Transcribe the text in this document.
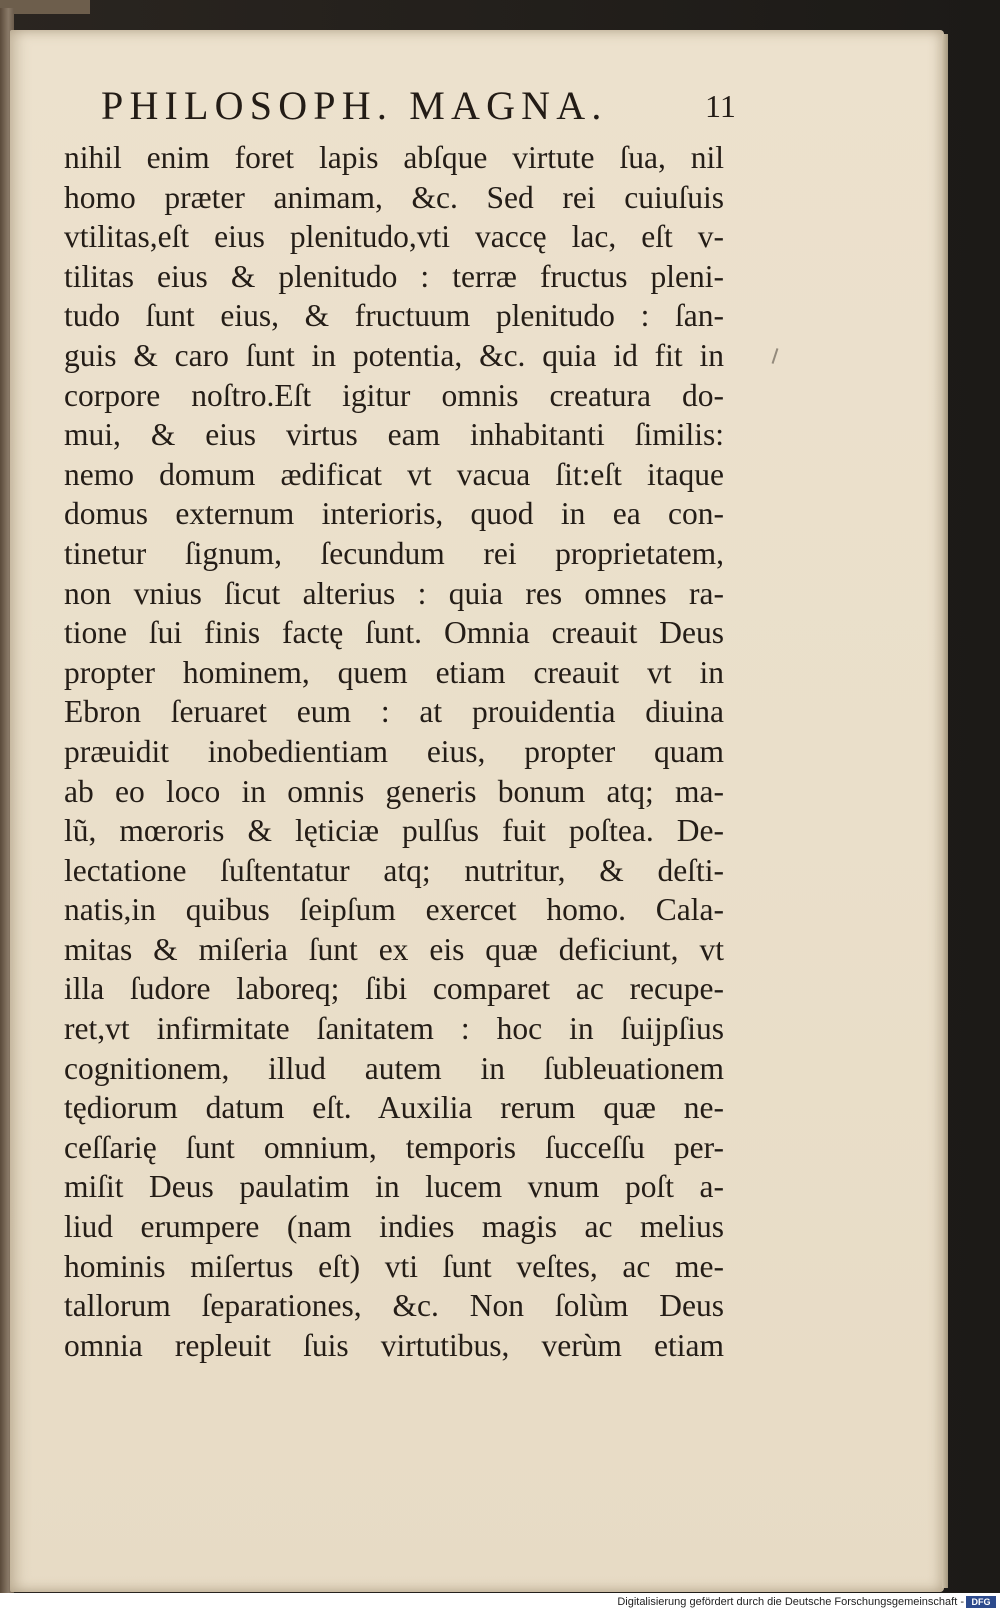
PHILOSOPH. MAGNA.	11
nihil enim foret lapis abſque virtute ſua, nil
homo præter animam, &c. Sed rei cuiuſuis
vtilitas,eſt eius plenitudo,vti vaccę lac, eſt v-
tilitas eius & plenitudo : terræ fructus pleni-
tudo ſunt eius, & fructuum plenitudo : ſan-
guis & caro ſunt in potentia, &c. quia id fit in
corpore noſtro.Eſt igitur omnis creatura do-
mui, & eius virtus eam inhabitanti ſimilis:
nemo domum ædificat vt vacua ſit:eſt itaque
domus externum interioris, quod in ea con-
tinetur ſignum, ſecundum rei proprietatem,
non vnius ſicut alterius : quia res omnes ra-
tione ſui finis factę ſunt. Omnia creauit Deus
propter hominem, quem etiam creauit vt in
Ebron ſeruaret eum : at prouidentia diuina
præuidit inobedientiam eius, propter quam
ab eo loco in omnis generis bonum atq; ma-
lũ, mœroris & lęticiæ pulſus fuit poſtea. De-
lectatione ſuſtentatur atq; nutritur, & deſti-
natis,in quibus ſeipſum exercet homo. Cala-
mitas & miſeria ſunt ex eis quæ deficiunt, vt
illa ſudore laboreq; ſibi comparet ac recupe-
ret,vt infirmitate ſanitatem : hoc in ſuijpſius
cognitionem, illud autem in ſubleuationem
tędiorum datum eſt. Auxilia rerum quæ ne-
ceſſarię ſunt omnium, temporis ſucceſſu per-
miſit Deus paulatim in lucem vnum poſt a-
liud erumpere (nam indies magis ac melius
hominis miſertus eſt) vti ſunt veſtes, ac me-
tallorum ſeparationes, &c. Non ſolùm Deus
omnia repleuit ſuis virtutibus, verùm etiam
Digitalisierung gefördert durch die Deutsche Forschungsgemeinschaft - DFG
